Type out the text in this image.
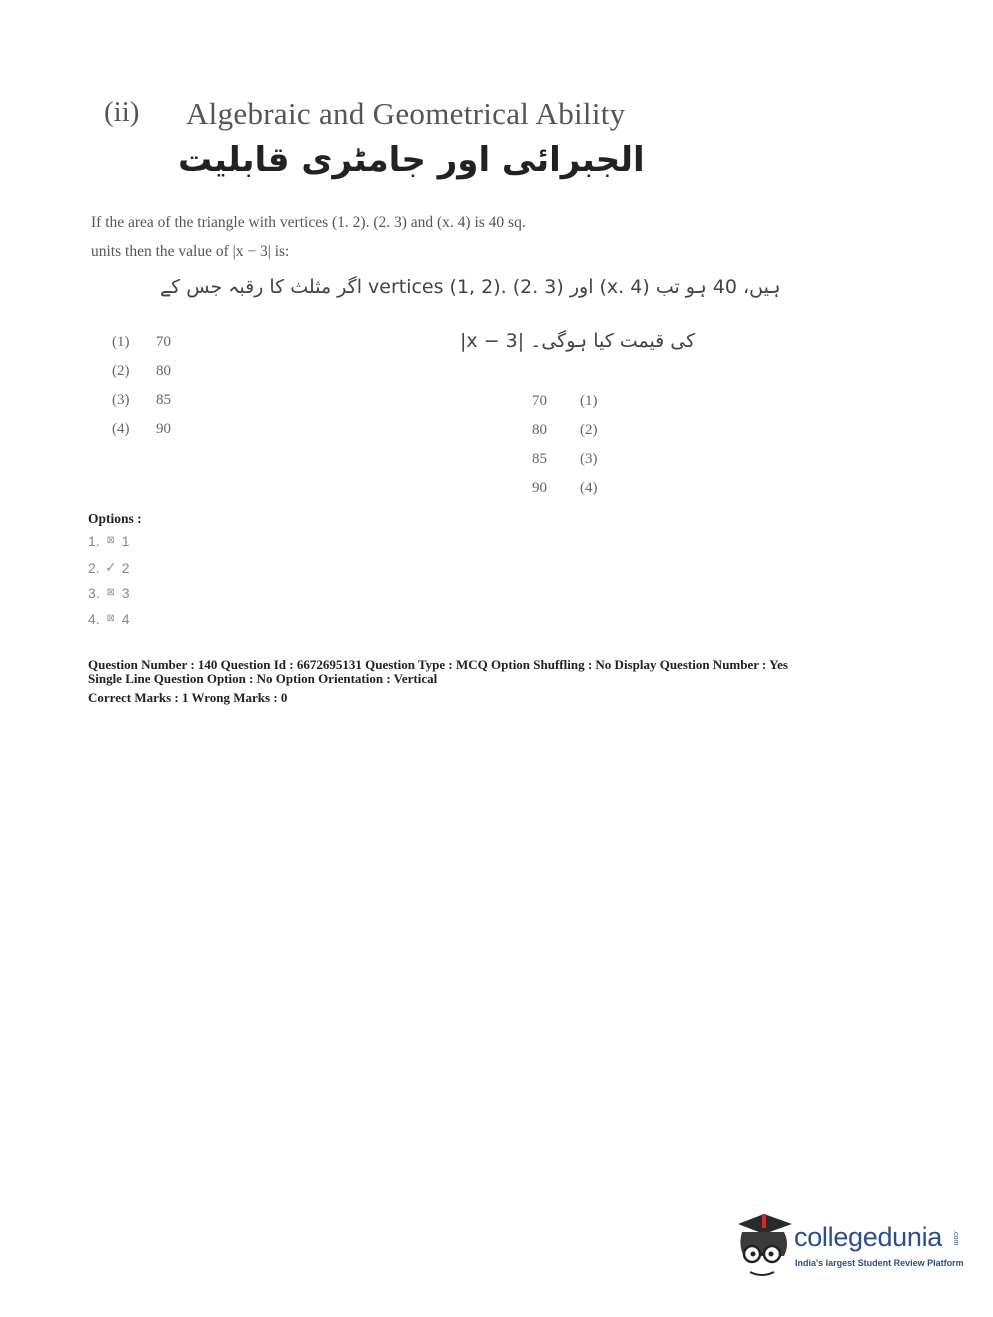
(ii) Algebraic and Geometrical Ability
الجبرائی اور جامٹری قابلیت
If the area of the triangle with vertices (1. 2). (2. 3) and (x. 4) is 40 sq.
units then the value of |x − 3| is:
اگر مثلث کا رقبہ جس کے vertices (1, 2). (2. 3) اور (x. 4) ہیں، 40 ہو تب
|x − 3| کی قیمت کیا ہوگی۔
(1) 70
(2) 80
(3) 85
(4) 90
70 (1)
80 (2)
85 (3)
90 (4)
Options :
1. ⊠ 1
2. ✓ 2
3. ⊠ 3
4. ⊠ 4
Question Number : 140 Question Id : 6672695131 Question Type : MCQ Option Shuffling : No Display Question Number : Yes
Single Line Question Option : No Option Orientation : Vertical
Correct Marks : 1 Wrong Marks : 0
collegedunia .com
India's largest Student Review Platform
